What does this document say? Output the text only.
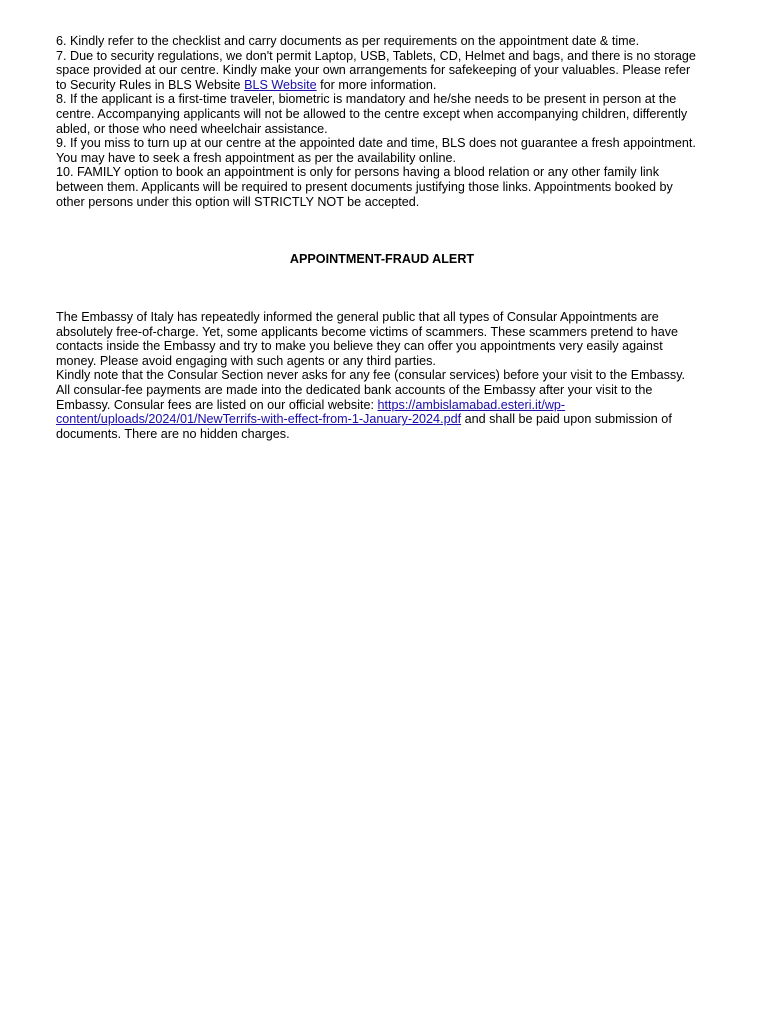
6. Kindly refer to the checklist and carry documents as per requirements on the appointment date & time.
7. Due to security regulations, we don't permit Laptop, USB, Tablets, CD, Helmet and bags, and there is no storage
space provided at our centre. Kindly make your own arrangements for safekeeping of your valuables. Please refer
to Security Rules in BLS Website BLS Website for more information.
8. If the applicant is a first-time traveler, biometric is mandatory and he/she needs to be present in person at the
centre. Accompanying applicants will not be allowed to the centre except when accompanying children, differently
abled, or those who need wheelchair assistance.
9. If you miss to turn up at our centre at the appointed date and time, BLS does not guarantee a fresh appointment.
You may have to seek a fresh appointment as per the availability online.
10. FAMILY option to book an appointment is only for persons having a blood relation or any other family link
between them. Applicants will be required to present documents justifying those links. Appointments booked by
other persons under this option will STRICTLY NOT be accepted.
APPOINTMENT-FRAUD ALERT
The Embassy of Italy has repeatedly informed the general public that all types of Consular Appointments are
absolutely free-of-charge. Yet, some applicants become victims of scammers. These scammers pretend to have
contacts inside the Embassy and try to make you believe they can offer you appointments very easily against
money. Please avoid engaging with such agents or any third parties.
Kindly note that the Consular Section never asks for any fee (consular services) before your visit to the Embassy.
All consular-fee payments are made into the dedicated bank accounts of the Embassy after your visit to the
Embassy. Consular fees are listed on our official website: https://ambislamabad.esteri.it/wp-
content/uploads/2024/01/NewTerrifs-with-effect-from-1-January-2024.pdf and shall be paid upon submission of
documents. There are no hidden charges.
